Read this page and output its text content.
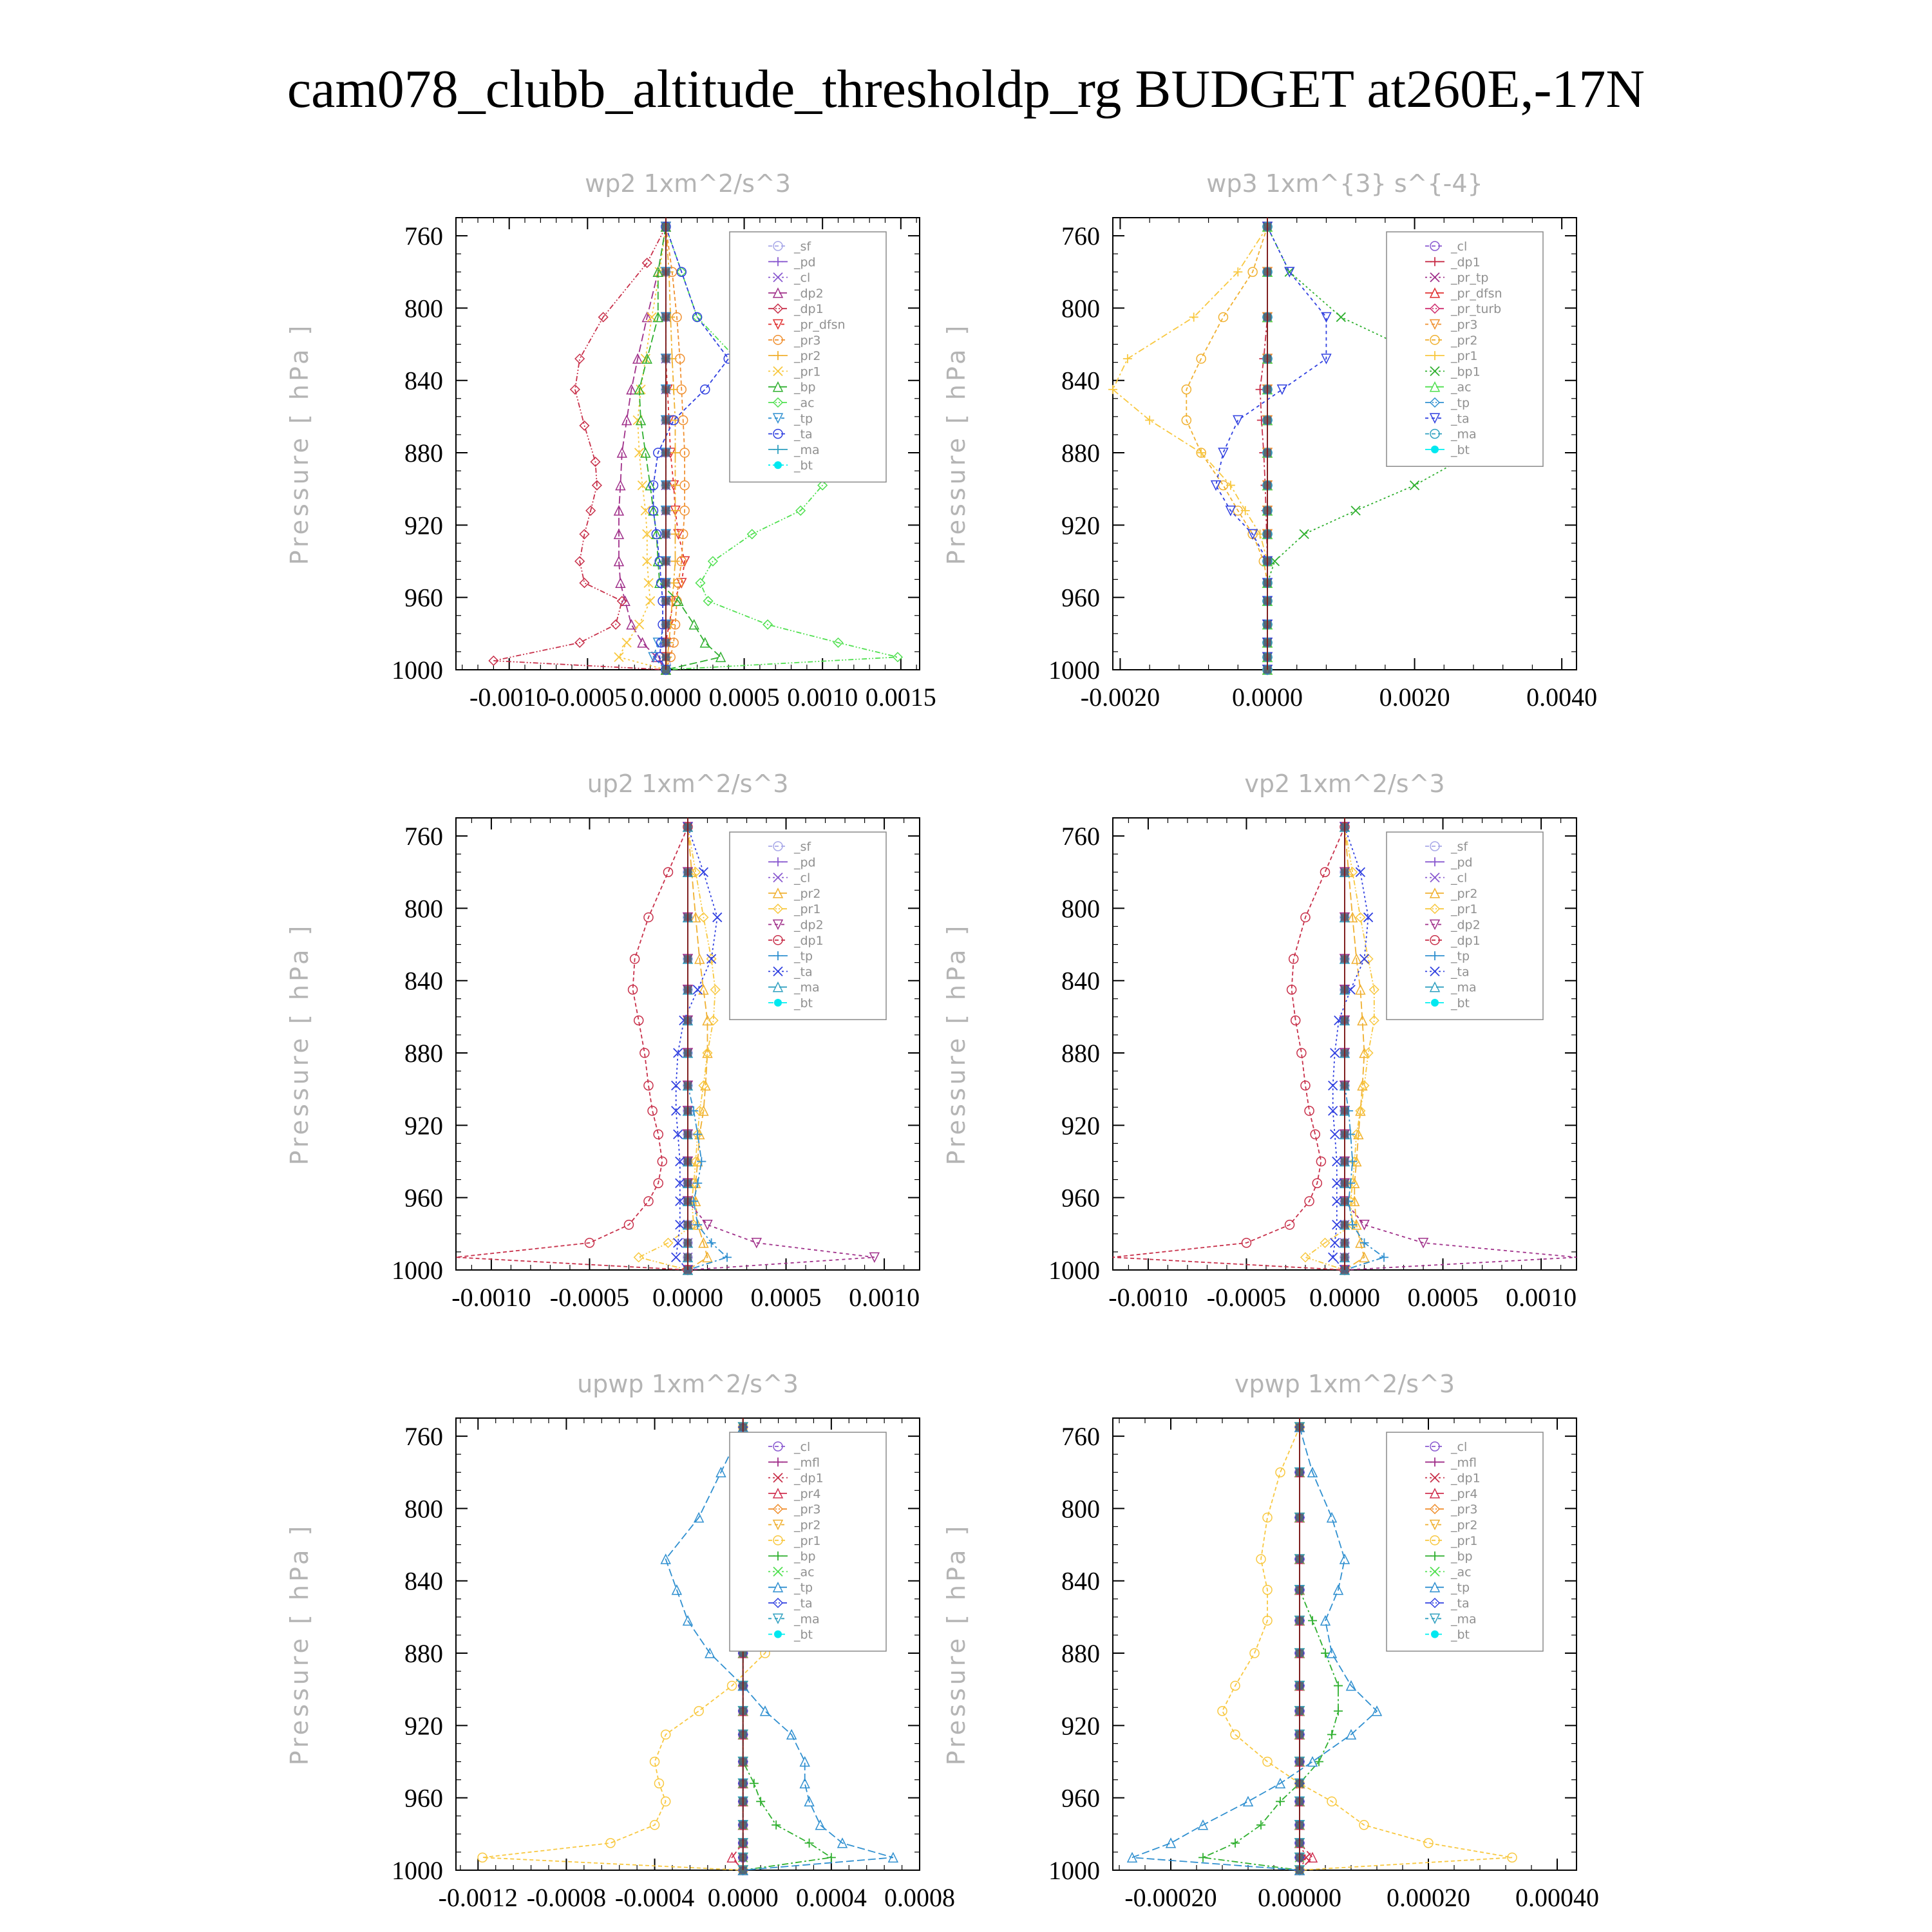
cam078_clubb_altitude_thresholdp_rg BUDGET at260E,-17N
wp2 1xm^2/s^3
Pressure [ hPa ]
760
800
840
880
920
960
1000
-0.0010
-0.0005 0.0000 0.0005 0.0010 0.0015
_sf
_pd
_cl
_dp2
_dp1
_pr_dfsn
_pr3
_pr2
_pr1
_bp
_ac
_tp
_ta
_ma
_bt
wp3 1xm^{3} s^{-4}
Pressure [ hPa ]
760
800
840
880
920
960
1000
-0.0020	0.0000	0.0020	0.0040
_cl
_dp1
_pr_tp
_pr_dfsn
_pr_turb
_pr3
_pr2
_pr1
_bp1
_ac
_tp
_ta
_ma
_bt
up2 1xm^2/s^3
Pressure [ hPa ]
760
800
840
880
920
960
1000
-0.0010 -0.0005 0.0000 0.0005 0.0010
_sf
_pd
_cl
_pr2
_pr1
_dp2
_dp1
_tp
_ta
_ma
_bt
vp2 1xm^2/s^3
Pressure [ hPa ]
760
800
840
880
920
960
1000
-0.0010 -0.0005 0.0000 0.0005 0.0010
_sf
_pd
_cl
_pr2
_pr1
_dp2
_dp1
_tp
_ta
_ma
_bt
upwp 1xm^2/s^3
Pressure [ hPa ]
760
800
840
880
920
960
1000
-0.0012 -0.0008 -0.0004 0.0000 0.0004 0.0008
_cl
_mfl
_dp1
_pr4
_pr3
_pr2
_pr1
_bp
_ac
_tp
_ta
_ma
_bt
vpwp 1xm^2/s^3
Pressure [ hPa ]
760
800
840
880
920
960
1000
-0.00020 0.00000 0.00020 0.00040
_cl
_mfl
_dp1
_pr4
_pr3
_pr2
_pr1
_bp
_ac
_tp
_ta
_ma
_bt
